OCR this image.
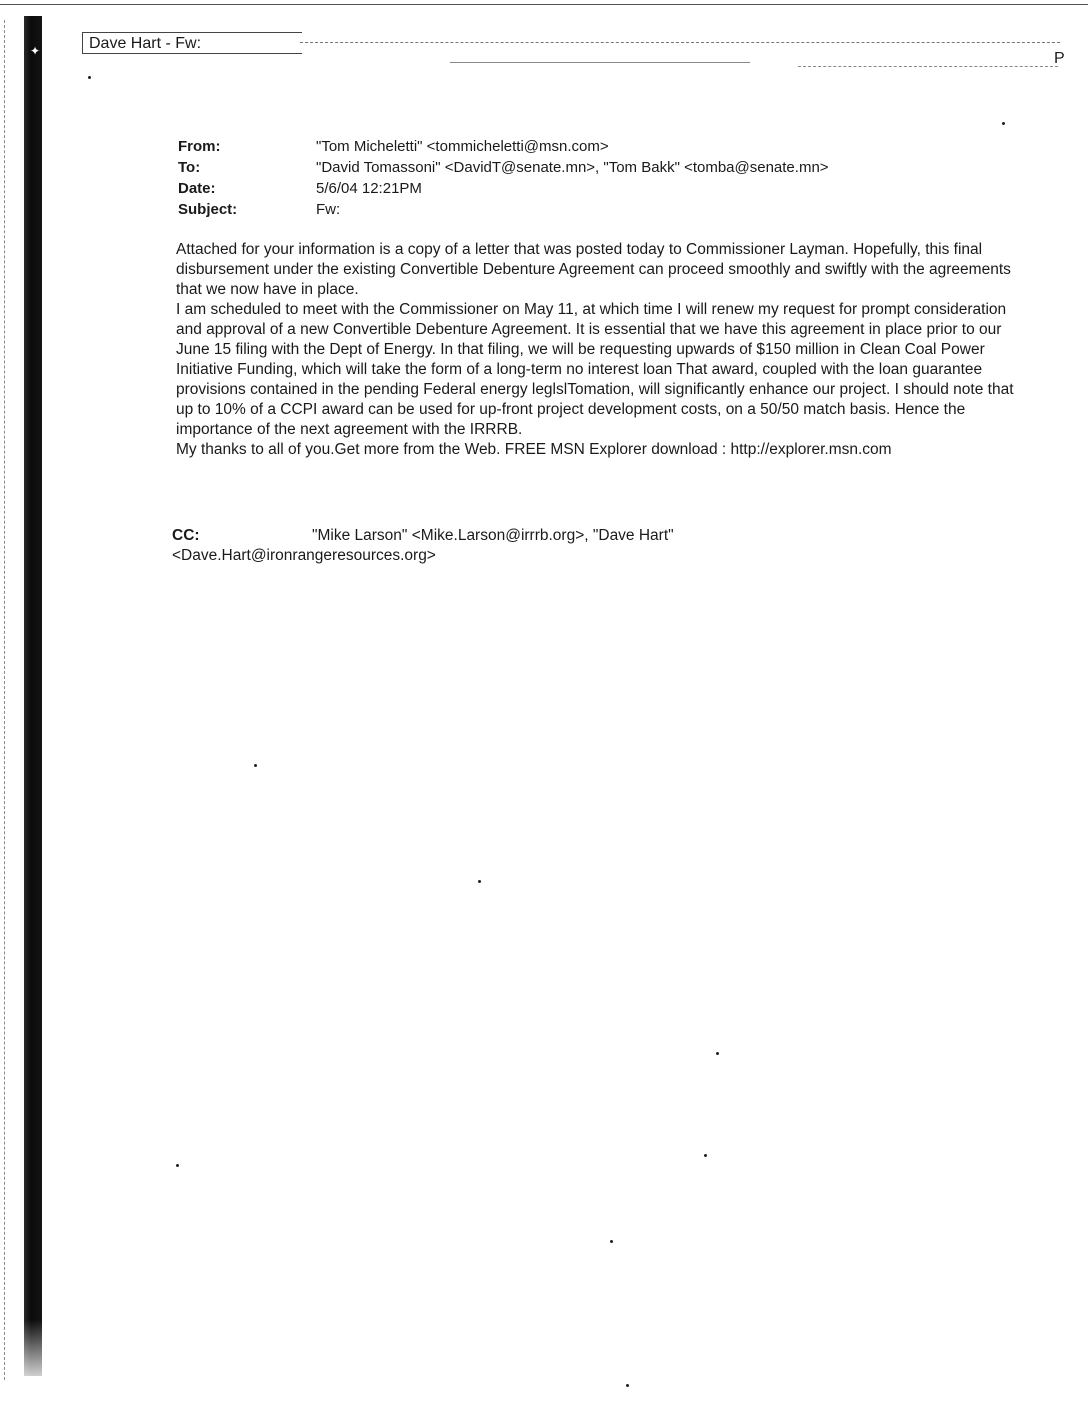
✦	Dave Hart - Fw:
P
From:	"Tom Micheletti" <tommicheletti@msn.com>
To:	"David Tomassoni" <DavidT@senate.mn>, "Tom Bakk" <tomba@senate.mn>
Date:	5/6/04 12:21PM
Subject:	Fw:

Attached for your information is a copy of a letter that was posted today to Commissioner Layman. Hopefully, this final disbursement under the existing Convertible Debenture Agreement can proceed smoothly and swiftly with the agreements that we now have in place.

I am scheduled to meet with the Commissioner on May 11, at which time I will renew my request for prompt consideration and approval of a new Convertible Debenture Agreement. It is essential that we have this agreement in place prior to our June 15 filing with the Dept of Energy. In that filing, we will be requesting upwards of $150 million in Clean Coal Power Initiative Funding, which will take the form of a long-term no interest loan That award, coupled with the loan guarantee provisions contained in the pending Federal energy leglslTomation, will significantly enhance our project. I should note that up to 10% of a CCPI award can be used for up-front project development costs, on a 50/50 match basis. Hence the importance of the next agreement with the IRRRB.

My thanks to all of you.Get more from the Web. FREE MSN Explorer download : http://explorer.msn.com

CC:	"Mike Larson" <Mike.Larson@irrrb.org>, "Dave Hart"
<Dave.Hart@ironrangeresources.org>
